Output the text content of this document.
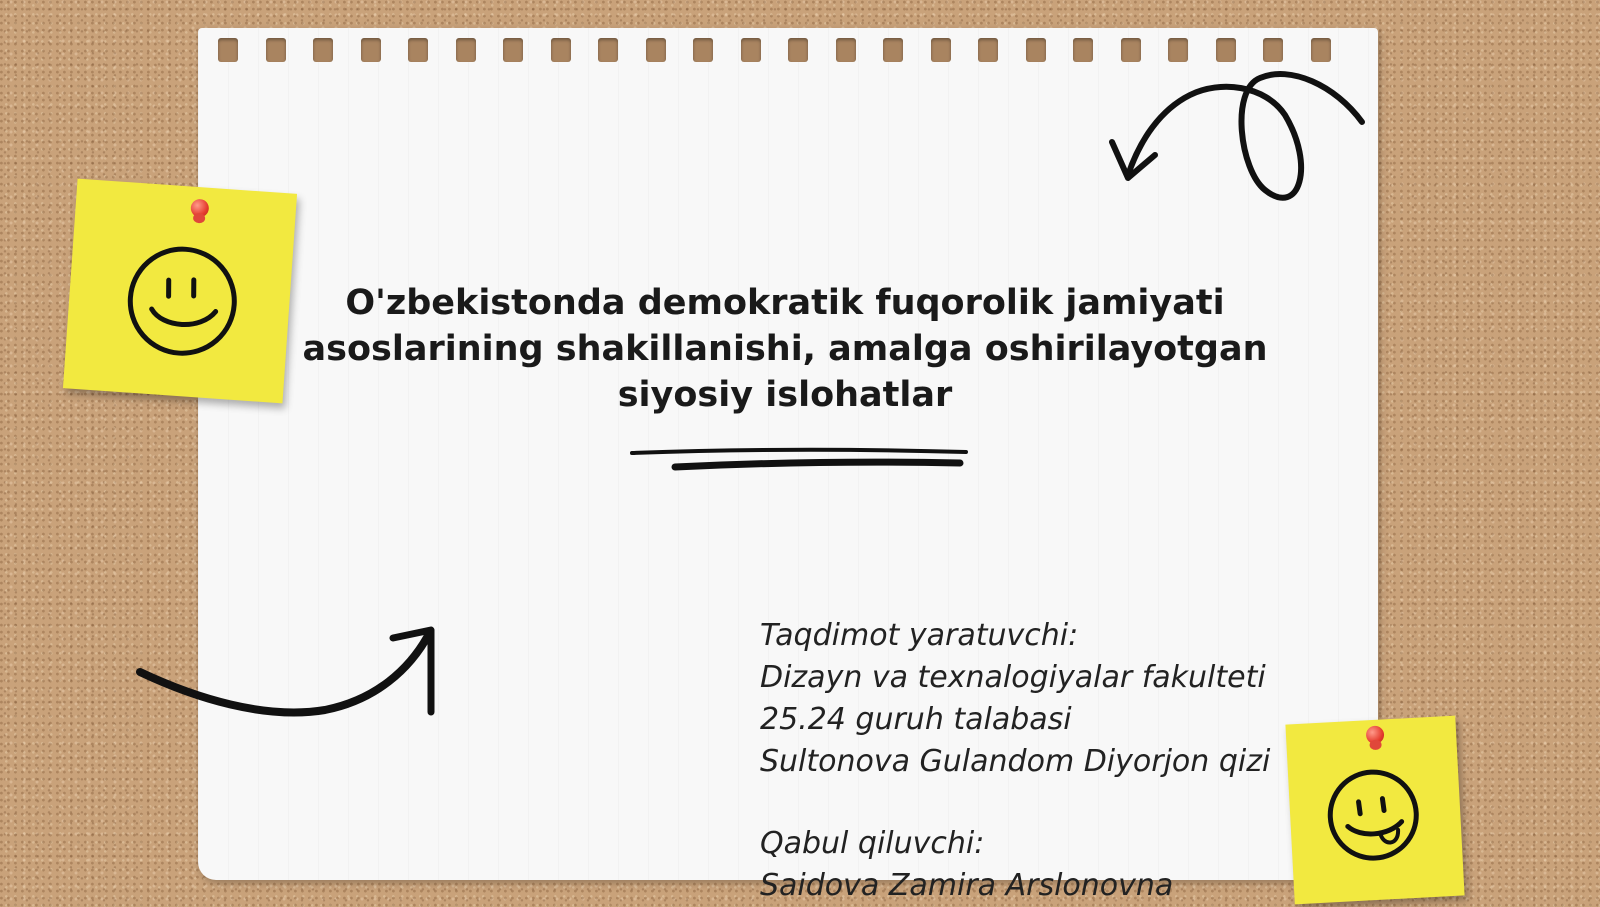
O'zbekistonda demokratik fuqorolik jamiyati
asoslarining shakillanishi, amalga oshirilayotgan
siyosiy islohatlar
Taqdimot yaratuvchi:
Dizayn va texnalogiyalar fakulteti
25.24 guruh talabasi
Sultonova Gulandom Diyorjon qizi
Qabul qiluvchi:
Saidova Zamira Arslonovna
